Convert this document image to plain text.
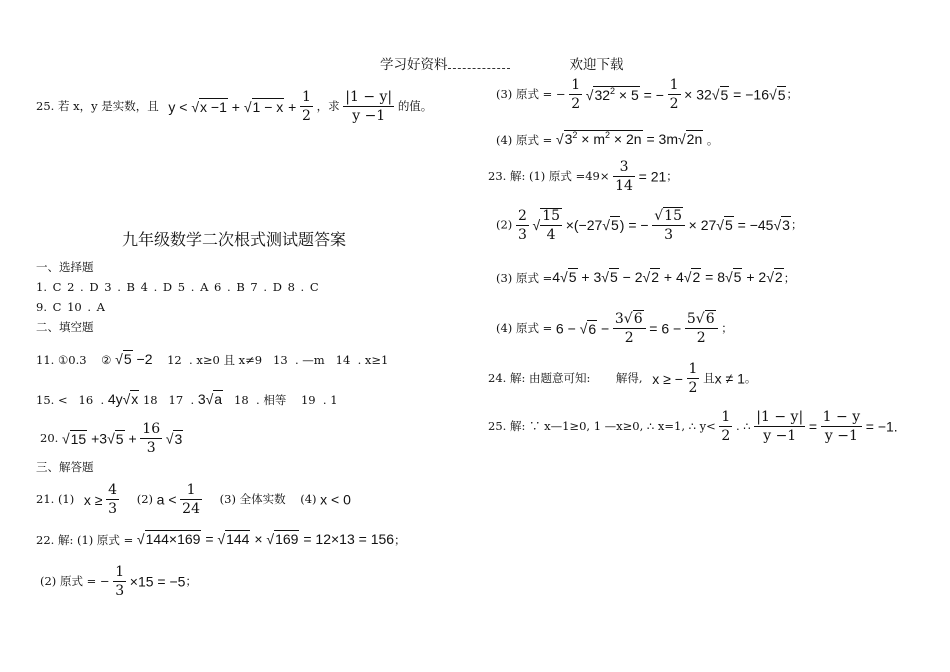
学习好资料	欢迎下载
25. 若 x，y 是实数，且 $y < √x -1 + √1 - x + \frac{1}{2}$ ，求 $\frac{|1 - y|}{y -1}$ 的值。
九年级数学二次根式测试题答案
一、选择题
1. C 2 . D 3 . B 4 . D 5 . A 6 . B 7 . D 8 . C
9. C 10 . A
二、填空题
11. ①0.3    ② √5 −2    12  . x≥0 且 x≠9   13  . —m   14  . x≥1
15. <   16  . 4y√x 18   17  . 3√a   18  . 相等    19  . 1
20. $√15 +3√5 + \frac{16}{3} √3$
三、解答题
21. (1) $x \ge \frac{4}{3} (2) a < \frac{1}{24} (3)$ 全体实数    (4) x < 0
22. 解: (1) 原式 = √144×169 = √144 × √169 = 12×13 = 156；
(2) 原式 = − $\frac{1}{3} \times 15 = -5$；
(3) 原式 = − $\frac{1}{2} √32^2 \times 5$ = − $\frac{1}{2} \times 32√5 = -16√5$；
(4) 原式 = $√3^2 \times m^2 \times 2n = 3m√2n$ 。
23. 解: (1) 原式 $=49\times \frac{3}{14} = 21$；
$(2) \frac{2}{3}$ √ $\frac{15}{4} \times(-27√5)$ = − $\frac{√15}{3} \times 27√5 = -45√3$；
(3) 原式 =4√5 + 3√5 − 2√2 + 4√2 = 8√5 + 2√2；
(4) 原式 = $6 - √6 - \frac{3√6}{2} = 6 - \frac{5√6}{2}$ ；
24. 解: 由题意可知:       解得, x ≥ − $\frac{1}{2}$ 且x ≠ 1。
25. 解: ∵ x—1≥0, 1 —x≥0, ∴ x=1, ∴ $y< \frac{1}{2}$ . ∴ $\frac{|1 - y|}{y -1} = \frac{1 - y}{y -1} = -1$.
